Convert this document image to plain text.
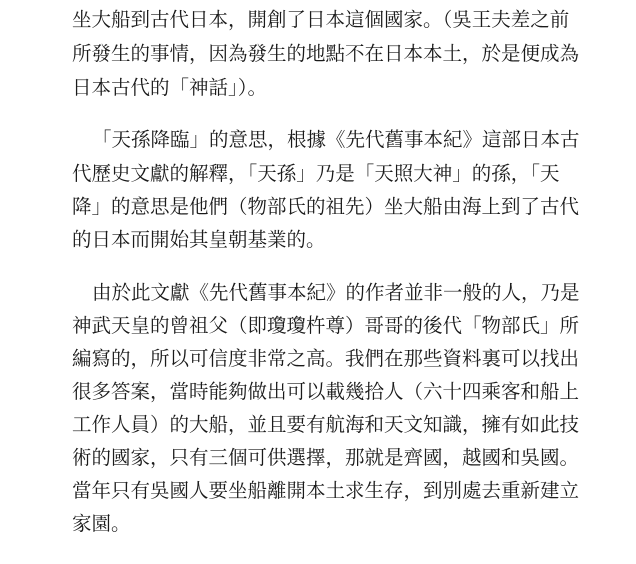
坐大船到古代日本，開創了日本這個國家。（吳王夫差之前
所發生的事情，因為發生的地點不在日本本土，於是便成為
日本古代的「神話」）。
「天孫降臨」的意思，根據《先代舊事本紀》這部日本古
代歷史文獻的解釋，「天孫」乃是「天照大神」的孫，「天
降」的意思是他們（物部氏的祖先）坐大船由海上到了古代
的日本而開始其皇朝基業的。
由於此文獻《先代舊事本紀》的作者並非一般的人，乃是
神武天皇的曾祖父（即瓊瓊杵尊）哥哥的後代「物部氏」所
編寫的，所以可信度非常之高。我們在那些資料裏可以找出
很多答案，當時能夠做出可以載幾拾人（六十四乘客和船上
工作人員）的大船，並且要有航海和天文知識，擁有如此技
術的國家，只有三個可供選擇，那就是齊國，越國和吳國。
當年只有吳國人要坐船離開本土求生存，到別處去重新建立
家園。
